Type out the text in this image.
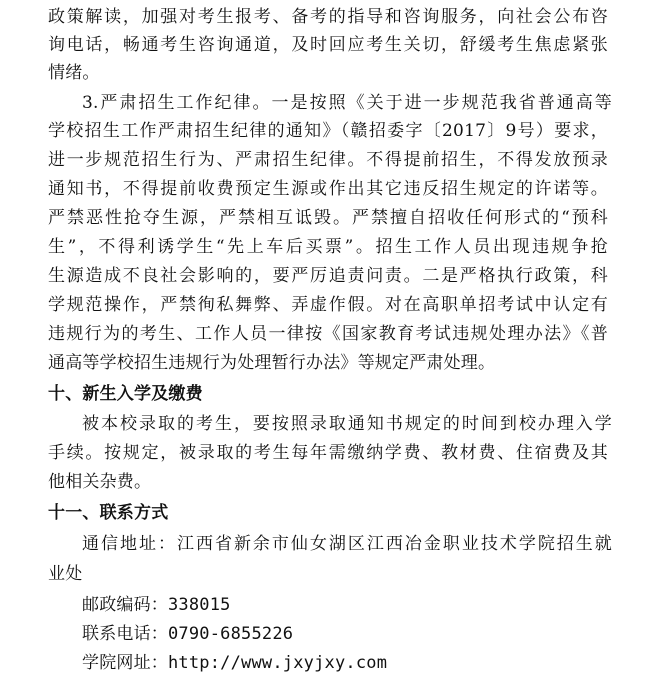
政策解读，加强对考生报考、备考的指导和咨询服务，向社会公布咨
询电话，畅通考生咨询通道，及时回应考生关切，舒缓考生焦虑紧张
情绪。
3.严肃招生工作纪律。一是按照《关于进一步规范我省普通高等
学校招生工作严肃招生纪律的通知》（赣招委字〔2017〕9号）要求，
进一步规范招生行为、严肃招生纪律。不得提前招生，不得发放预录
通知书，不得提前收费预定生源或作出其它违反招生规定的许诺等。
严禁恶性抢夺生源，严禁相互诋毁。严禁擅自招收任何形式的“预科
生”，不得利诱学生“先上车后买票”。招生工作人员出现违规争抢
生源造成不良社会影响的，要严厉追责问责。二是严格执行政策，科
学规范操作，严禁徇私舞弊、弄虚作假。对在高职单招考试中认定有
违规行为的考生、工作人员一律按《国家教育考试违规处理办法》《普
通高等学校招生违规行为处理暂行办法》等规定严肃处理。
十、新生入学及缴费
被本校录取的考生，要按照录取通知书规定的时间到校办理入学
手续。按规定，被录取的考生每年需缴纳学费、教材费、住宿费及其
他相关杂费。
十一、联系方式
通信地址：江西省新余市仙女湖区江西冶金职业技术学院招生就
业处
邮政编码：338015
联系电话：0790-6855226
学院网址：http://www.jxyjxy.com
